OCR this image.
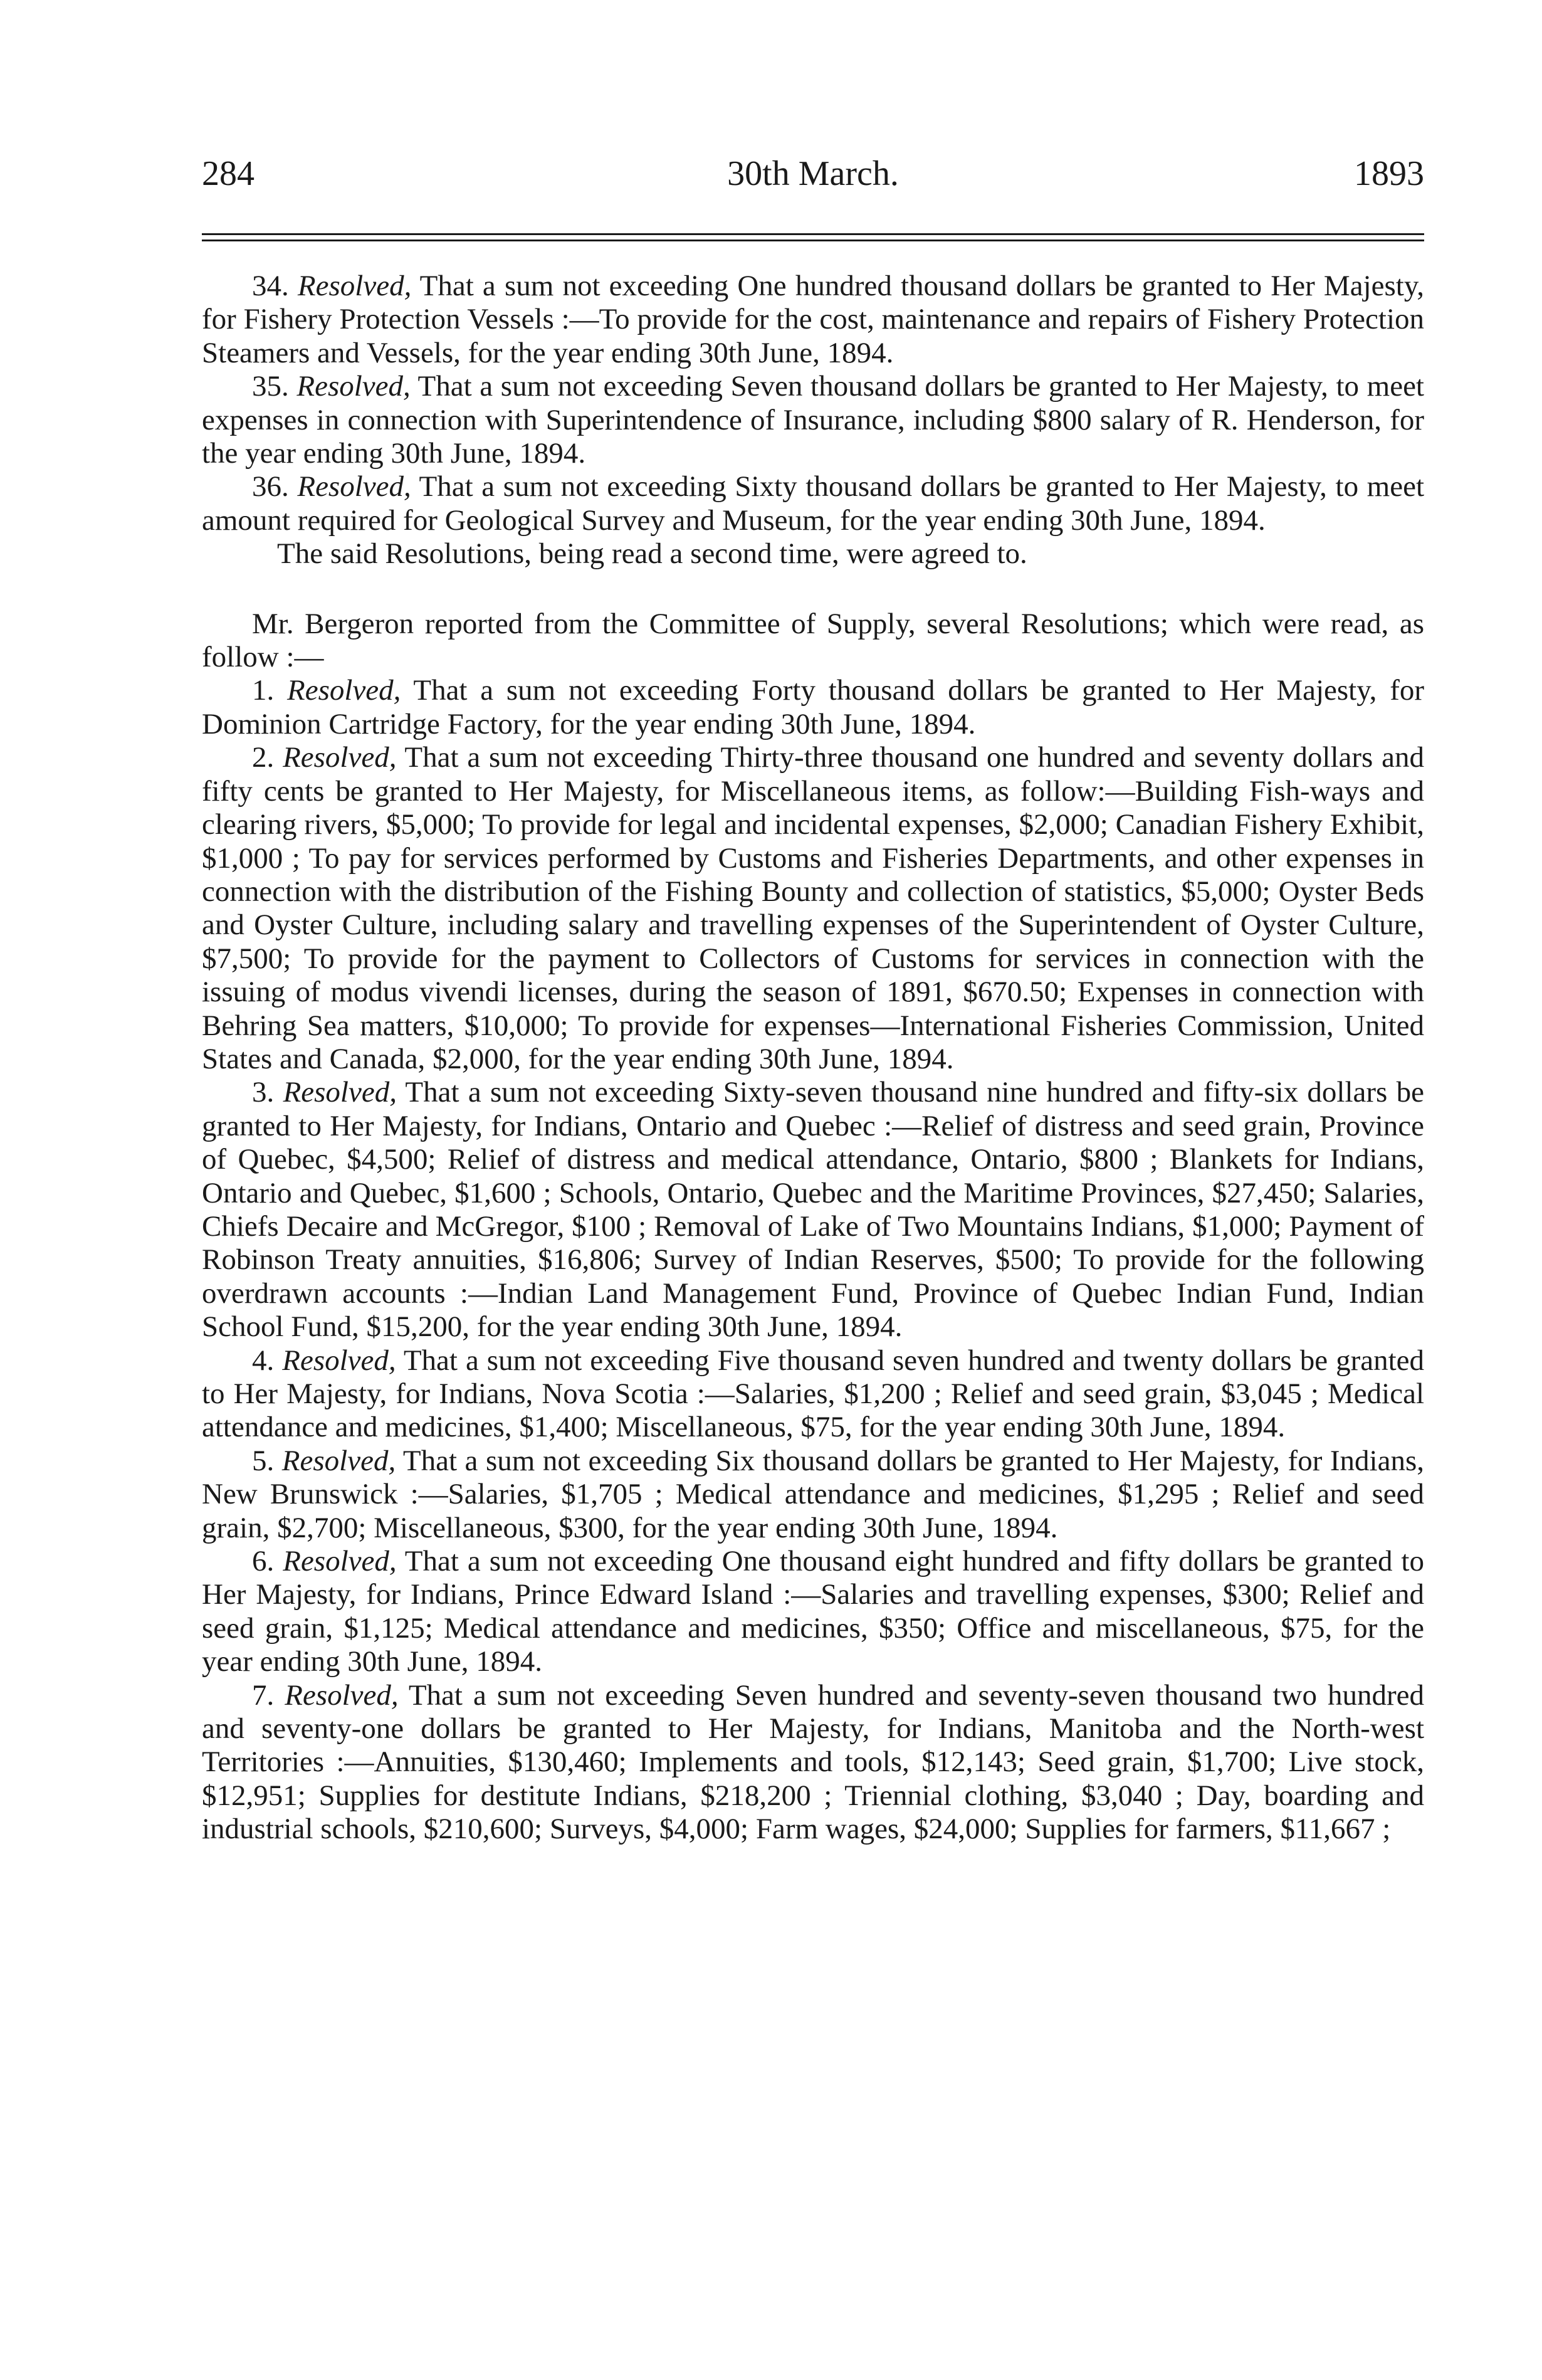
284	30th March.	1893

34. Resolved, That a sum not exceeding One hundred thousand dollars be granted to Her Majesty, for Fishery Protection Vessels :—To provide for the cost, maintenance and repairs of Fishery Protection Steamers and Vessels, for the year ending 30th June, 1894.

35. Resolved, That a sum not exceeding Seven thousand dollars be granted to Her Majesty, to meet expenses in connection with Superintendence of Insurance, including $800 salary of R. Henderson, for the year ending 30th June, 1894.

36. Resolved, That a sum not exceeding Sixty thousand dollars be granted to Her Majesty, to meet amount required for Geological Survey and Museum, for the year ending 30th June, 1894.

The said Resolutions, being read a second time, were agreed to.

Mr. Bergeron reported from the Committee of Supply, several Resolutions; which were read, as follow :—

1. Resolved, That a sum not exceeding Forty thousand dollars be granted to Her Majesty, for Dominion Cartridge Factory, for the year ending 30th June, 1894.

2. Resolved, That a sum not exceeding Thirty-three thousand one hundred and seventy dollars and fifty cents be granted to Her Majesty, for Miscellaneous items, as follow:—Building Fish-ways and clearing rivers, $5,000; To provide for legal and incidental expenses, $2,000; Canadian Fishery Exhibit, $1,000 ; To pay for services performed by Customs and Fisheries Departments, and other expenses in connection with the distribution of the Fishing Bounty and collection of statistics, $5,000; Oyster Beds and Oyster Culture, including salary and travelling expenses of the Superintendent of Oyster Culture, $7,500; To provide for the payment to Collectors of Customs for services in connection with the issuing of modus vivendi licenses, during the season of 1891, $670.50; Expenses in connection with Behring Sea matters, $10,000; To provide for expenses—International Fisheries Commission, United States and Canada, $2,000, for the year ending 30th June, 1894.

3. Resolved, That a sum not exceeding Sixty-seven thousand nine hundred and fifty-six dollars be granted to Her Majesty, for Indians, Ontario and Quebec :—Relief of distress and seed grain, Province of Quebec, $4,500; Relief of distress and medical attendance, Ontario, $800 ; Blankets for Indians, Ontario and Quebec, $1,600 ; Schools, Ontario, Quebec and the Maritime Provinces, $27,450; Salaries, Chiefs Decaire and McGregor, $100 ; Removal of Lake of Two Mountains Indians, $1,000; Payment of Robinson Treaty annuities, $16,806; Survey of Indian Reserves, $500; To provide for the following overdrawn accounts :—Indian Land Management Fund, Province of Quebec Indian Fund, Indian School Fund, $15,200, for the year ending 30th June, 1894.

4. Resolved, That a sum not exceeding Five thousand seven hundred and twenty dollars be granted to Her Majesty, for Indians, Nova Scotia :—Salaries, $1,200 ; Relief and seed grain, $3,045 ; Medical attendance and medicines, $1,400; Miscellaneous, $75, for the year ending 30th June, 1894.

5. Resolved, That a sum not exceeding Six thousand dollars be granted to Her Majesty, for Indians, New Brunswick :—Salaries, $1,705 ; Medical attendance and medicines, $1,295 ; Relief and seed grain, $2,700; Miscellaneous, $300, for the year ending 30th June, 1894.

6. Resolved, That a sum not exceeding One thousand eight hundred and fifty dollars be granted to Her Majesty, for Indians, Prince Edward Island :—Salaries and travelling expenses, $300; Relief and seed grain, $1,125; Medical attendance and medicines, $350; Office and miscellaneous, $75, for the year ending 30th June, 1894.

7. Resolved, That a sum not exceeding Seven hundred and seventy-seven thousand two hundred and seventy-one dollars be granted to Her Majesty, for Indians, Manitoba and the North-west Territories :—Annuities, $130,460; Implements and tools, $12,143; Seed grain, $1,700; Live stock, $12,951; Supplies for destitute Indians, $218,200 ; Triennial clothing, $3,040 ; Day, boarding and industrial schools, $210,600; Surveys, $4,000; Farm wages, $24,000; Supplies for farmers, $11,667 ;
